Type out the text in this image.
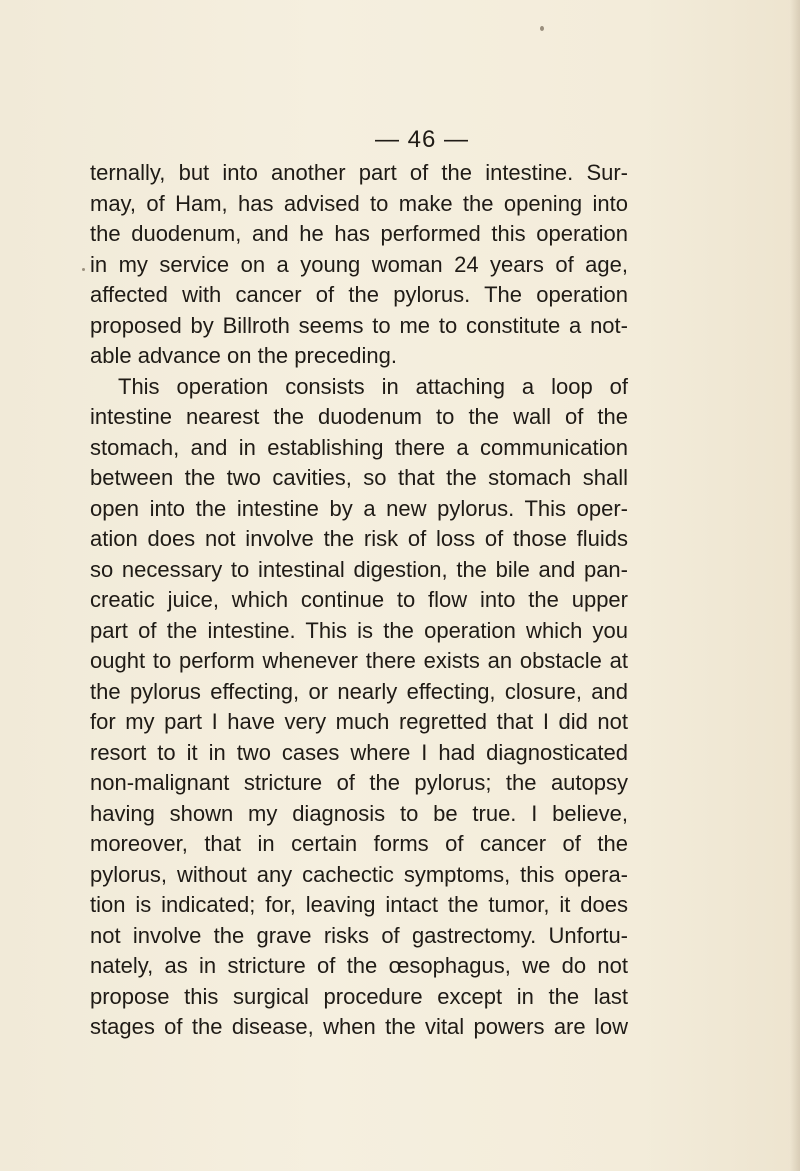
— 46 —
ternally, but into another part of the intestine. Sur-
may, of Ham, has advised to make the opening into
the duodenum, and he has performed this operation
in my service on a young woman 24 years of age,
affected with cancer of the pylorus. The operation
proposed by Billroth seems to me to constitute a not-
able advance on the preceding.
This operation consists in attaching a loop of
intestine nearest the duodenum to the wall of the
stomach, and in establishing there a communication
between the two cavities, so that the stomach shall
open into the intestine by a new pylorus. This oper-
ation does not involve the risk of loss of those fluids
so necessary to intestinal digestion, the bile and pan-
creatic juice, which continue to flow into the upper
part of the intestine. This is the operation which you
ought to perform whenever there exists an obstacle at
the pylorus effecting, or nearly effecting, closure, and
for my part I have very much regretted that I did not
resort to it in two cases where I had diagnosticated
non-malignant stricture of the pylorus; the autopsy
having shown my diagnosis to be true. I believe,
moreover, that in certain forms of cancer of the
pylorus, without any cachectic symptoms, this opera-
tion is indicated; for, leaving intact the tumor, it does
not involve the grave risks of gastrectomy. Unfortu-
nately, as in stricture of the œsophagus, we do not
propose this surgical procedure except in the last
stages of the disease, when the vital powers are low
